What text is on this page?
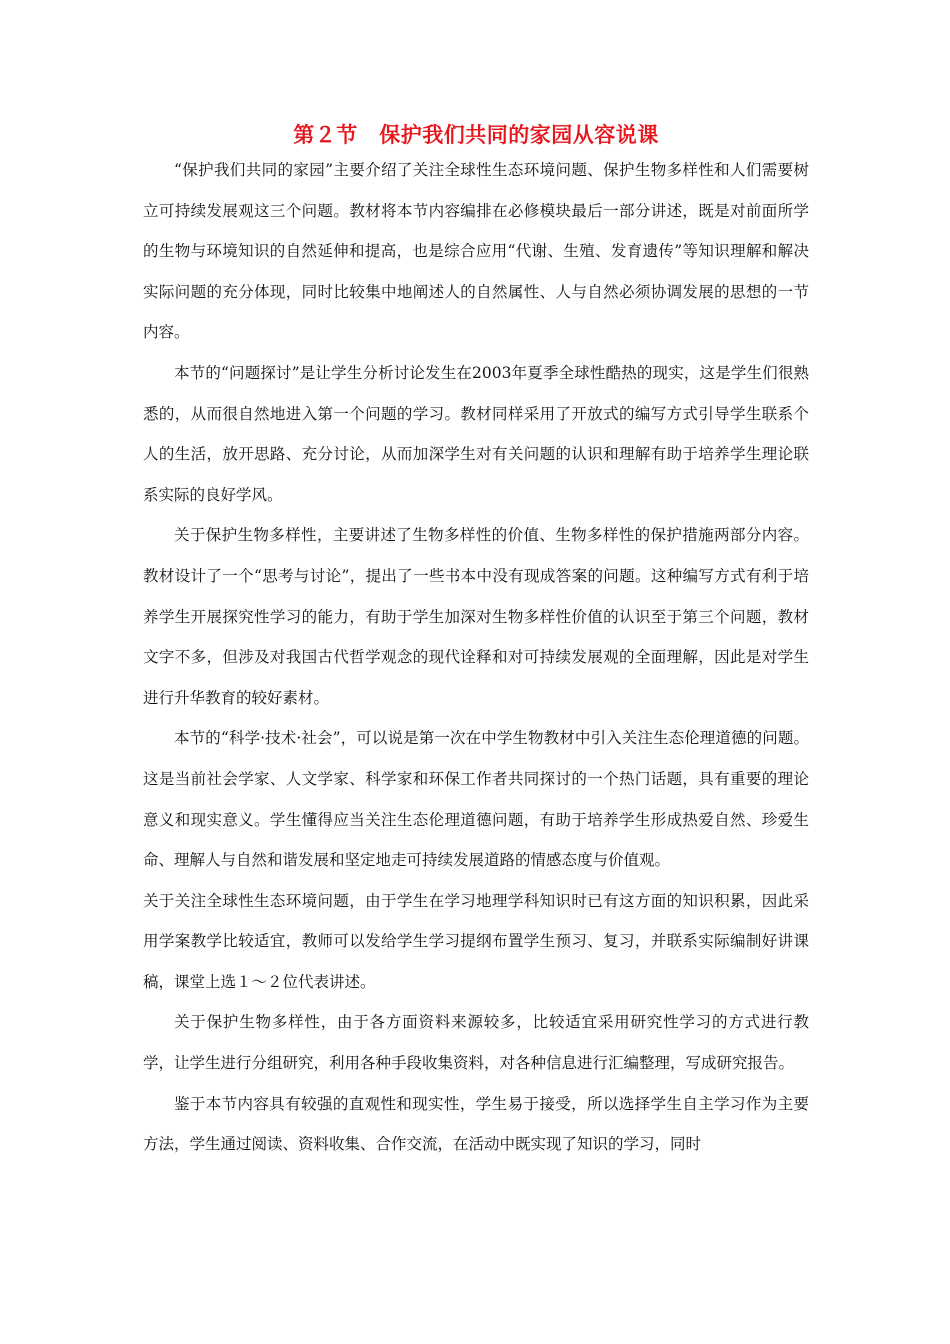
第２节　保护我们共同的家园从容说课

“保护我们共同的家园”主要介绍了关注全球性生态环境问题、保护生物多样性和人们需要树立可持续发展观这三个问题。教材将本节内容编排在必修模块最后一部分讲述，既是对前面所学的生物与环境知识的自然延伸和提高，也是综合应用“代谢、生殖、发育遗传”等知识理解和解决实际问题的充分体现，同时比较集中地阐述人的自然属性、人与自然必须协调发展的思想的一节内容。

本节的“问题探讨”是让学生分析讨论发生在2003年夏季全球性酷热的现实，这是学生们很熟悉的，从而很自然地进入第一个问题的学习。教材同样采用了开放式的编写方式引导学生联系个人的生活，放开思路、充分讨论，从而加深学生对有关问题的认识和理解有助于培养学生理论联系实际的良好学风。

关于保护生物多样性，主要讲述了生物多样性的价值、生物多样性的保护措施两部分内容。教材设计了一个“思考与讨论”，提出了一些书本中没有现成答案的问题。这种编写方式有利于培养学生开展探究性学习的能力，有助于学生加深对生物多样性价值的认识至于第三个问题，教材文字不多，但涉及对我国古代哲学观念的现代诠释和对可持续发展观的全面理解，因此是对学生进行升华教育的较好素材。

本节的“科学·技术·社会”，可以说是第一次在中学生物教材中引入关注生态伦理道德的问题。这是当前社会学家、人文学家、科学家和环保工作者共同探讨的一个热门话题，具有重要的理论意义和现实意义。学生懂得应当关注生态伦理道德问题，有助于培养学生形成热爱自然、珍爱生命、理解人与自然和谐发展和坚定地走可持续发展道路的情感态度与价值观。

关于关注全球性生态环境问题，由于学生在学习地理学科知识时已有这方面的知识积累，因此采用学案教学比较适宜，教师可以发给学生学习提纲布置学生预习、复习，并联系实际编制好讲课稿，课堂上选１～２位代表讲述。

关于保护生物多样性，由于各方面资料来源较多，比较适宜采用研究性学习的方式进行教学，让学生进行分组研究，利用各种手段收集资料，对各种信息进行汇编整理，写成研究报告。

鉴于本节内容具有较强的直观性和现实性，学生易于接受，所以选择学生自主学习作为主要方法，学生通过阅读、资料收集、合作交流，在活动中既实现了知识的学习，同时
